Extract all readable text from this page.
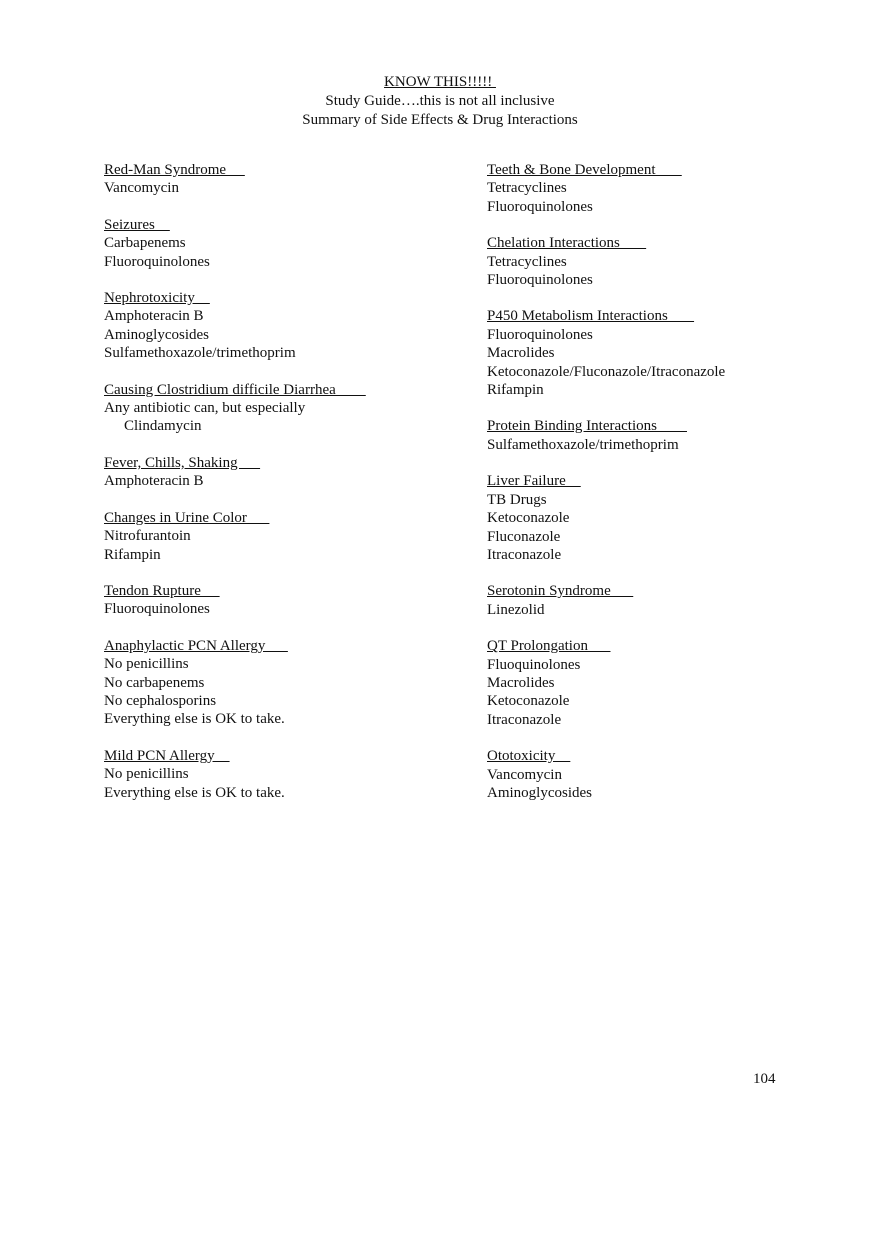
KNOW THIS!!!!!
Study Guide….this is not all inclusive
Summary of Side Effects & Drug Interactions
Red-Man Syndrome
Vancomycin
Seizures
Carbapenems
Fluoroquinolones
Nephrotoxicity
Amphoteracin B
Aminoglycosides
Sulfamethoxazole/trimethoprim
Causing Clostridium difficile Diarrhea
Any antibiotic can, but especially
Clindamycin
Fever, Chills, Shaking
Amphoteracin B
Changes in Urine Color
Nitrofurantoin
Rifampin
Tendon Rupture
Fluoroquinolones
Anaphylactic PCN Allergy
No penicillins
No carbapenems
No cephalosporins
Everything else is OK to take.
Mild PCN Allergy
No penicillins
Everything else is OK to take.
Teeth & Bone Development
Tetracyclines
Fluoroquinolones
Chelation Interactions
Tetracyclines
Fluoroquinolones
P450 Metabolism Interactions
Fluoroquinolones
Macrolides
Ketoconazole/Fluconazole/Itraconazole
Rifampin
Protein Binding Interactions
Sulfamethoxazole/trimethoprim
Liver Failure
TB Drugs
Ketoconazole
Fluconazole
Itraconazole
Serotonin Syndrome
Linezolid
QT Prolongation
Fluoquinolones
Macrolides
Ketoconazole
Itraconazole
Ototoxicity
Vancomycin
Aminoglycosides
104
